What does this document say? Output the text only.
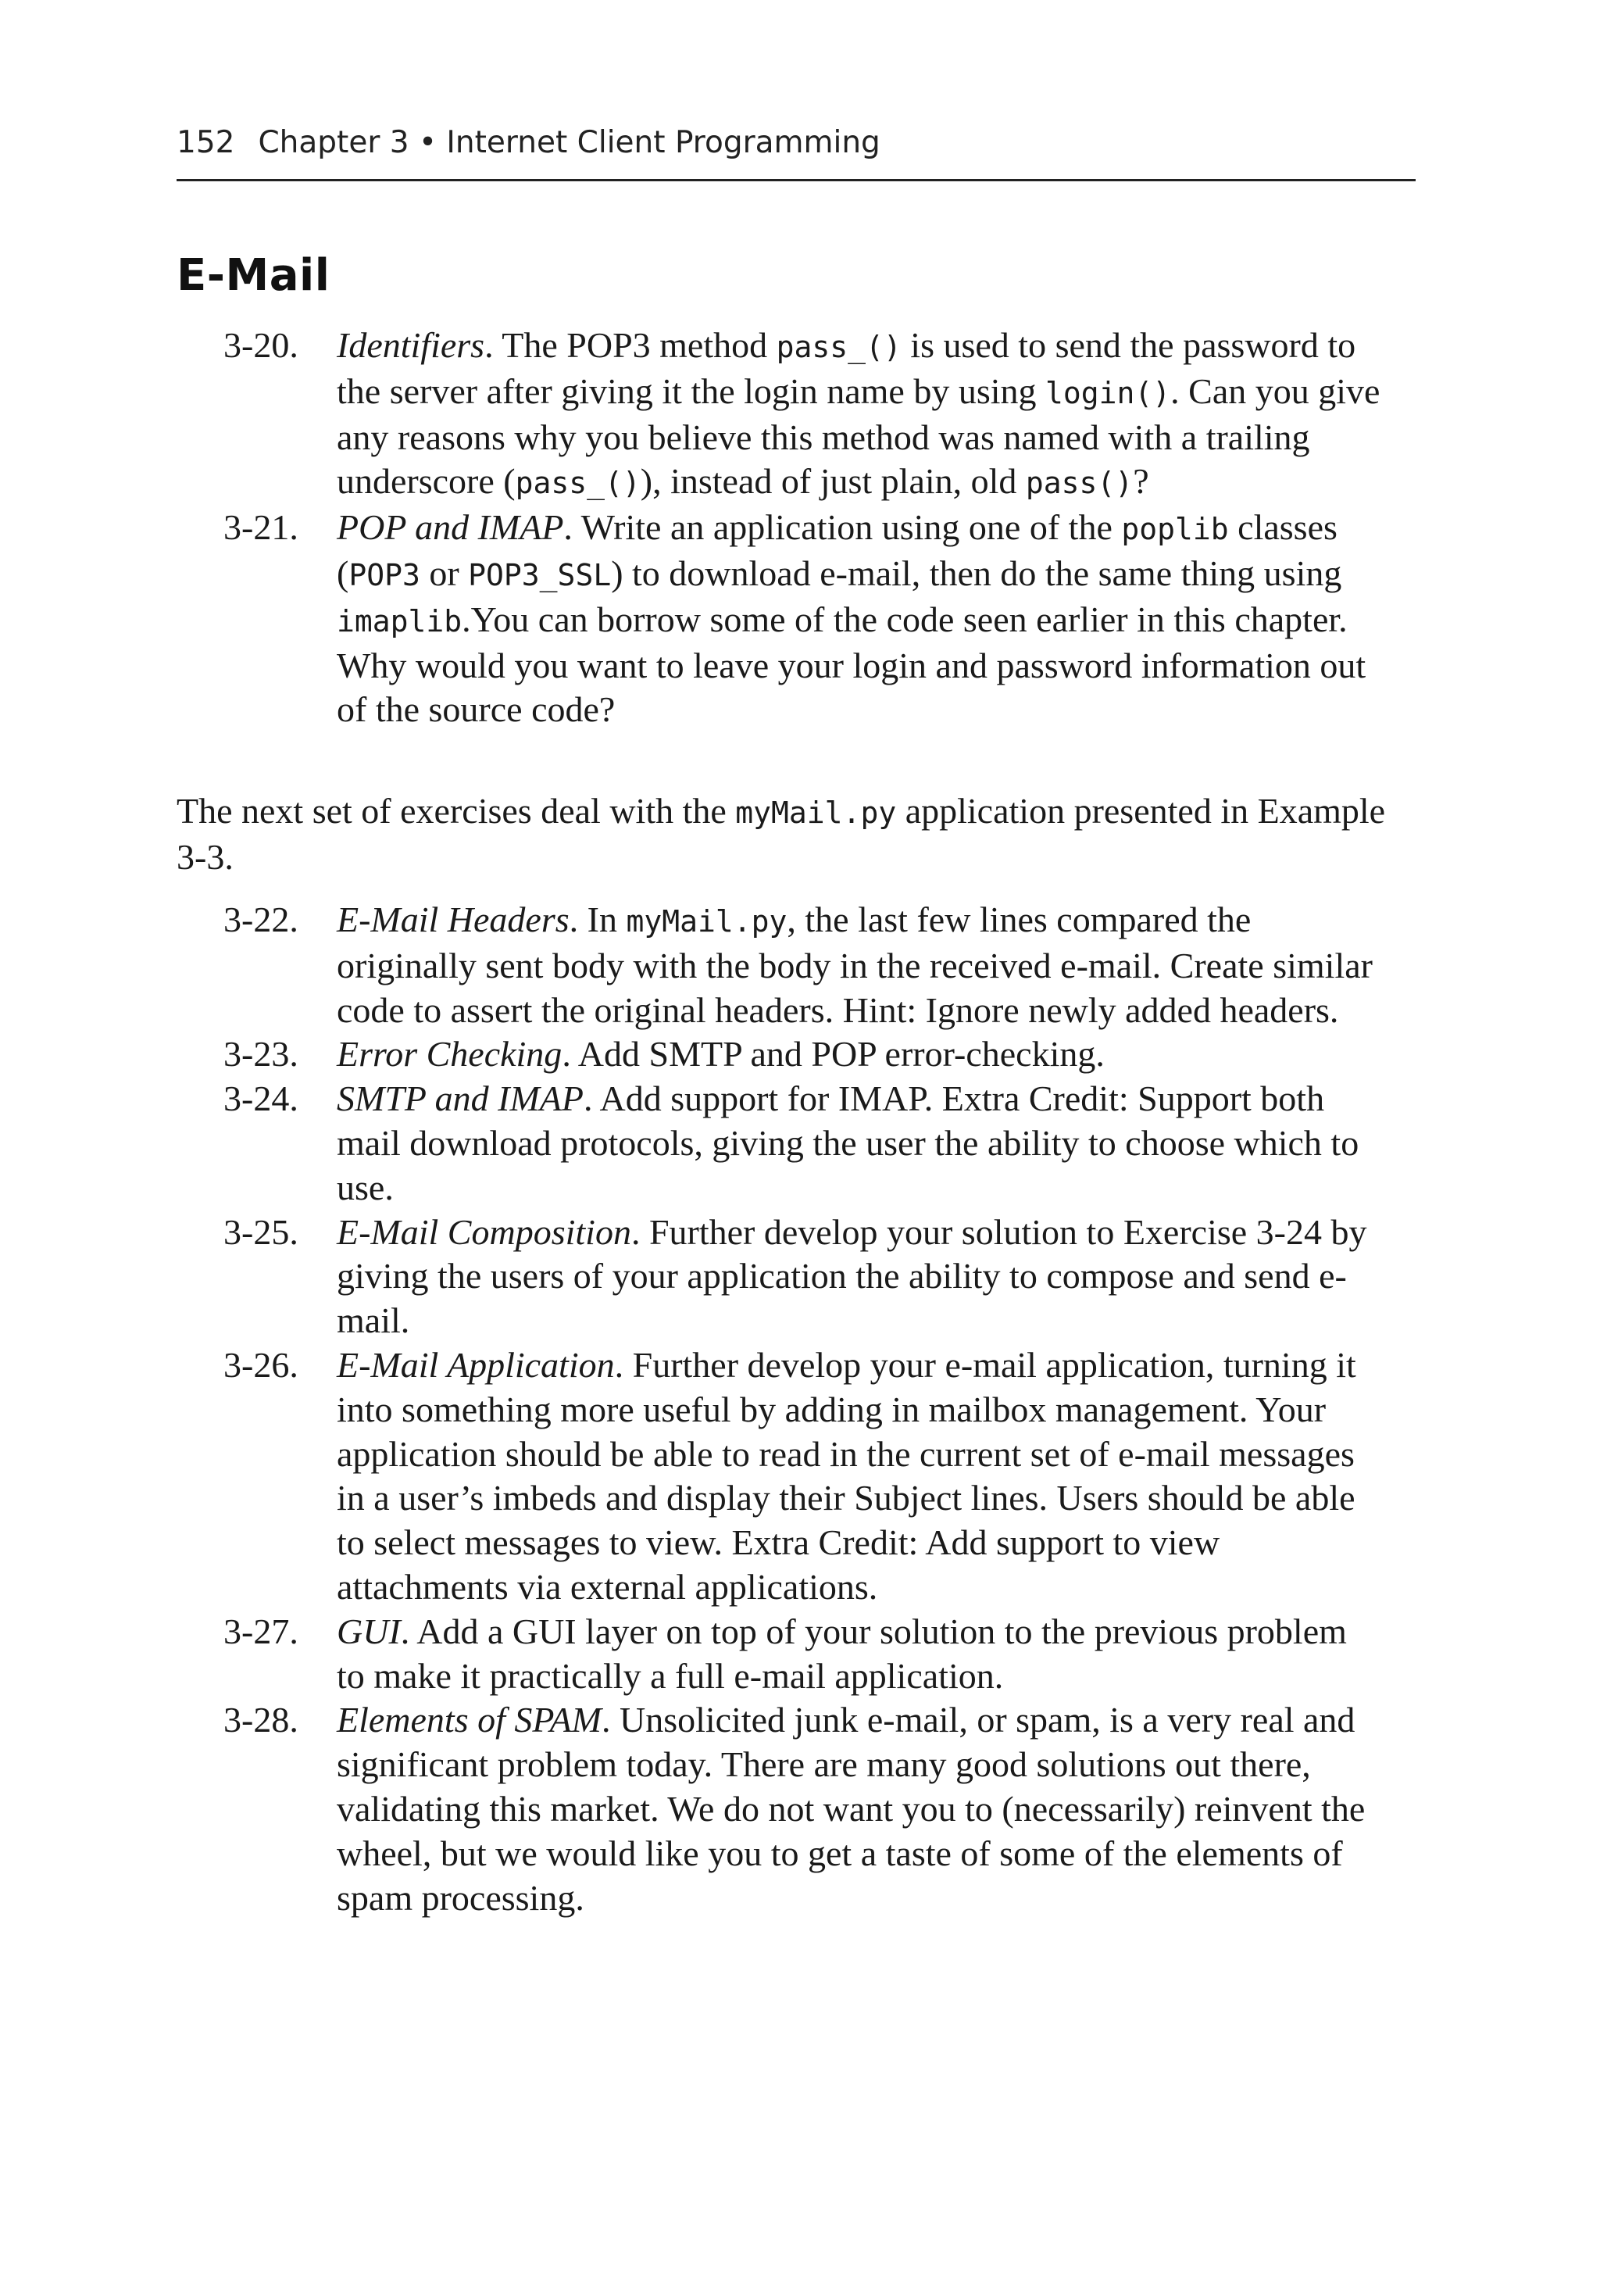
152 Chapter 3 • Internet Client Programming
E-Mail
3-20.	Identifiers. The POP3 method pass_() is used to send the password to the server after giving it the login name by using login(). Can you give any reasons why you believe this method was named with a trailing underscore (pass_()), instead of just plain, old pass()?
3-21.	POP and IMAP. Write an application using one of the poplib classes (POP3 or POP3_SSL) to download e-mail, then do the same thing using imaplib.You can borrow some of the code seen earlier in this chapter. Why would you want to leave your login and password information out of the source code?
The next set of exercises deal with the myMail.py application presented in Example 3-3.
3-22.	E-Mail Headers. In myMail.py, the last few lines compared the originally sent body with the body in the received e-mail. Create similar code to assert the original headers. Hint: Ignore newly added headers.
3-23.	Error Checking. Add SMTP and POP error-checking.
3-24.	SMTP and IMAP. Add support for IMAP. Extra Credit: Support both mail download protocols, giving the user the ability to choose which to use.
3-25.	E-Mail Composition. Further develop your solution to Exercise 3-24 by giving the users of your application the ability to compose and send e-mail.
3-26.	E-Mail Application. Further develop your e-mail application, turning it into something more useful by adding in mailbox management. Your application should be able to read in the current set of e-mail messages in a user’s imbeds and display their Subject lines. Users should be able to select messages to view. Extra Credit: Add support to view attachments via external applications.
3-27.	GUI. Add a GUI layer on top of your solution to the previous problem to make it practically a full e-mail application.
3-28.	Elements of SPAM. Unsolicited junk e-mail, or spam, is a very real and significant problem today. There are many good solutions out there, validating this market. We do not want you to (necessarily) reinvent the wheel, but we would like you to get a taste of some of the elements of spam processing.
